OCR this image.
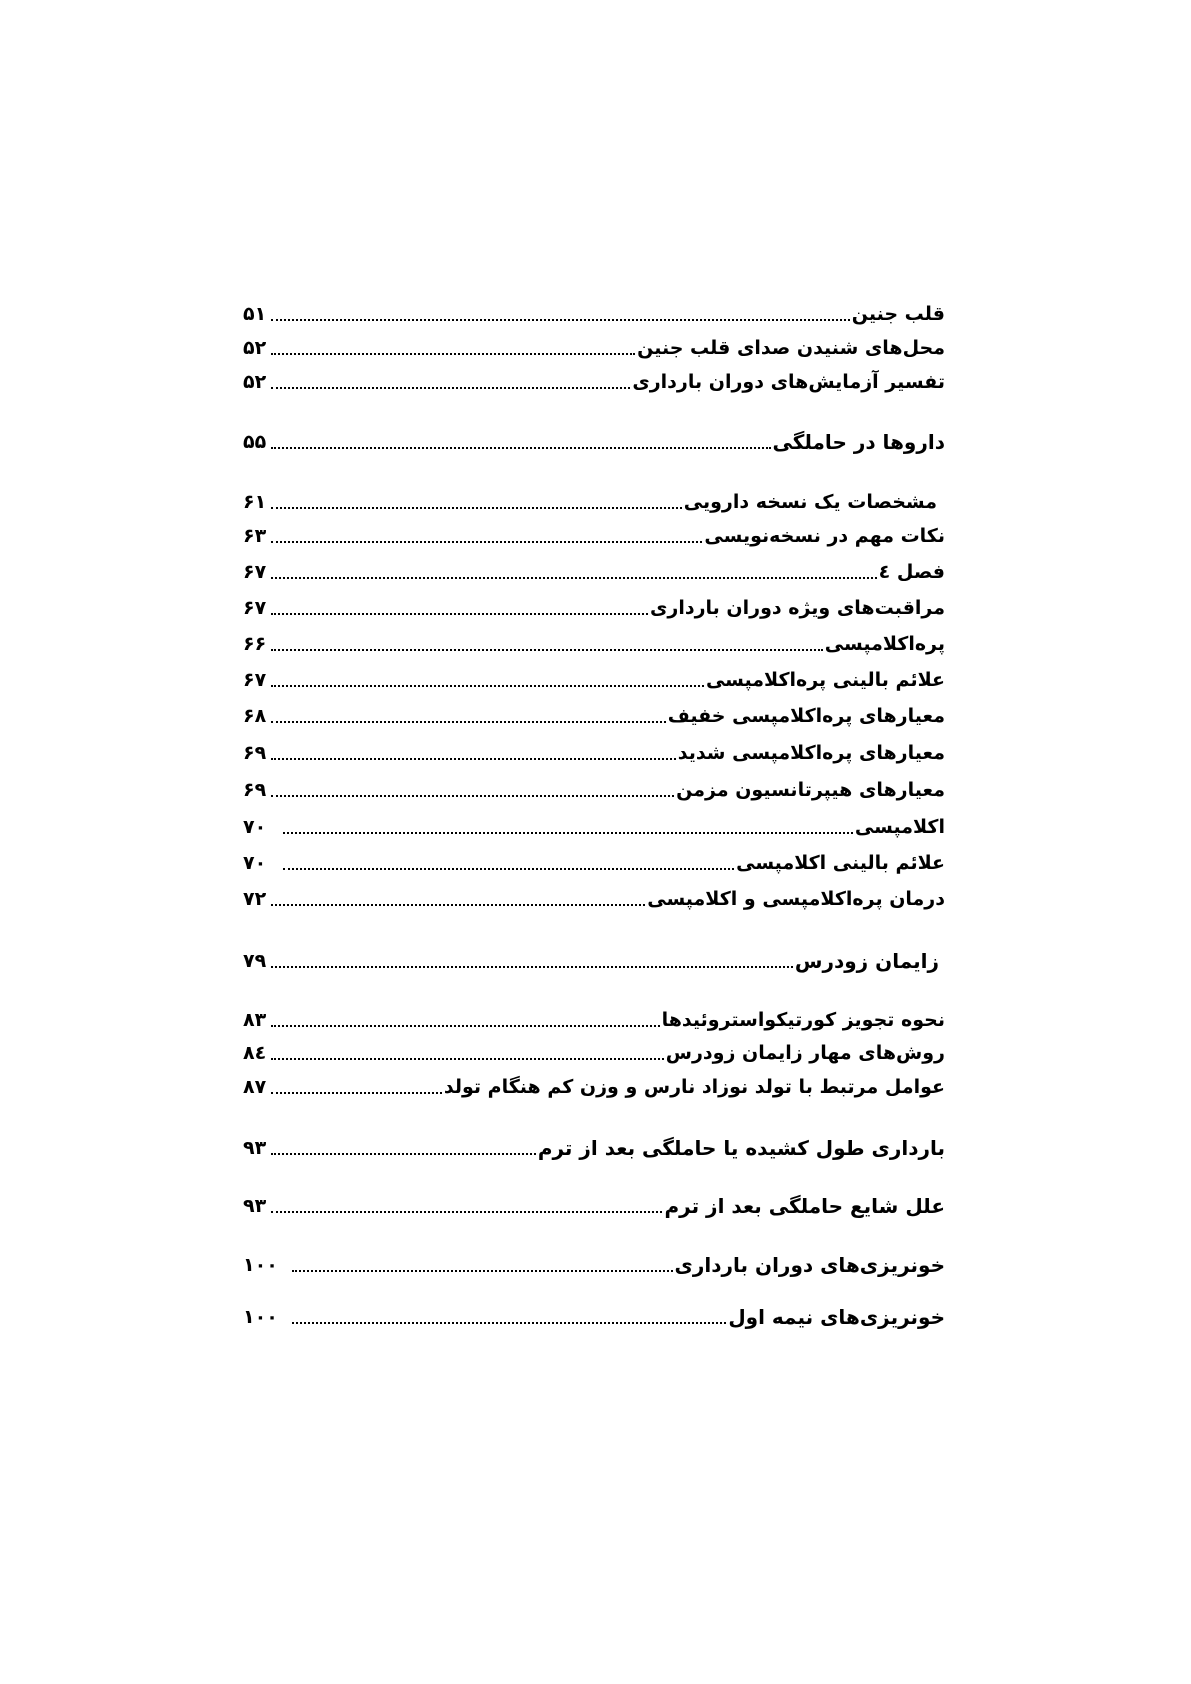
قلب جنین
۵۱
محل‌های شنیدن صدای قلب جنین
۵۲
تفسیر آزمایش‌های دوران بارداری
۵۲
داروها در حاملگی
۵۵
مشخصات یک نسخه دارویی
۶۱
نکات مهم در نسخه‌نویسی
۶۳
فصل ٤
۶۷
مراقبت‌های ویژه دوران بارداری
۶۷
پره‌اکلامپسی
۶۶
علائم بالینی پره‌اکلامپسی
۶۷
معیارهای پره‌اکلامپسی خفیف
۶۸
معیارهای پره‌اکلامپسی شدید
۶۹
معیارهای هیپرتانسیون مزمن
۶۹
اکلامپسی
۷۰
علائم بالینی اکلامپسی
۷۰
درمان پره‌اکلامپسی و اکلامپسی
۷۲
زایمان زودرس
۷۹
نحوه تجویز کورتیکواستروئیدها
۸۳
روش‌های مهار زایمان زودرس
۸٤
عوامل مرتبط با تولد نوزاد نارس و وزن کم هنگام تولد
۸۷
بارداری طول کشیده یا حاملگی بعد از ترم
۹۳
علل شایع حاملگی بعد از ترم
۹۳
خونریزی‌های دوران بارداری
۱۰۰
خونریزی‌های نیمه اول
۱۰۰
